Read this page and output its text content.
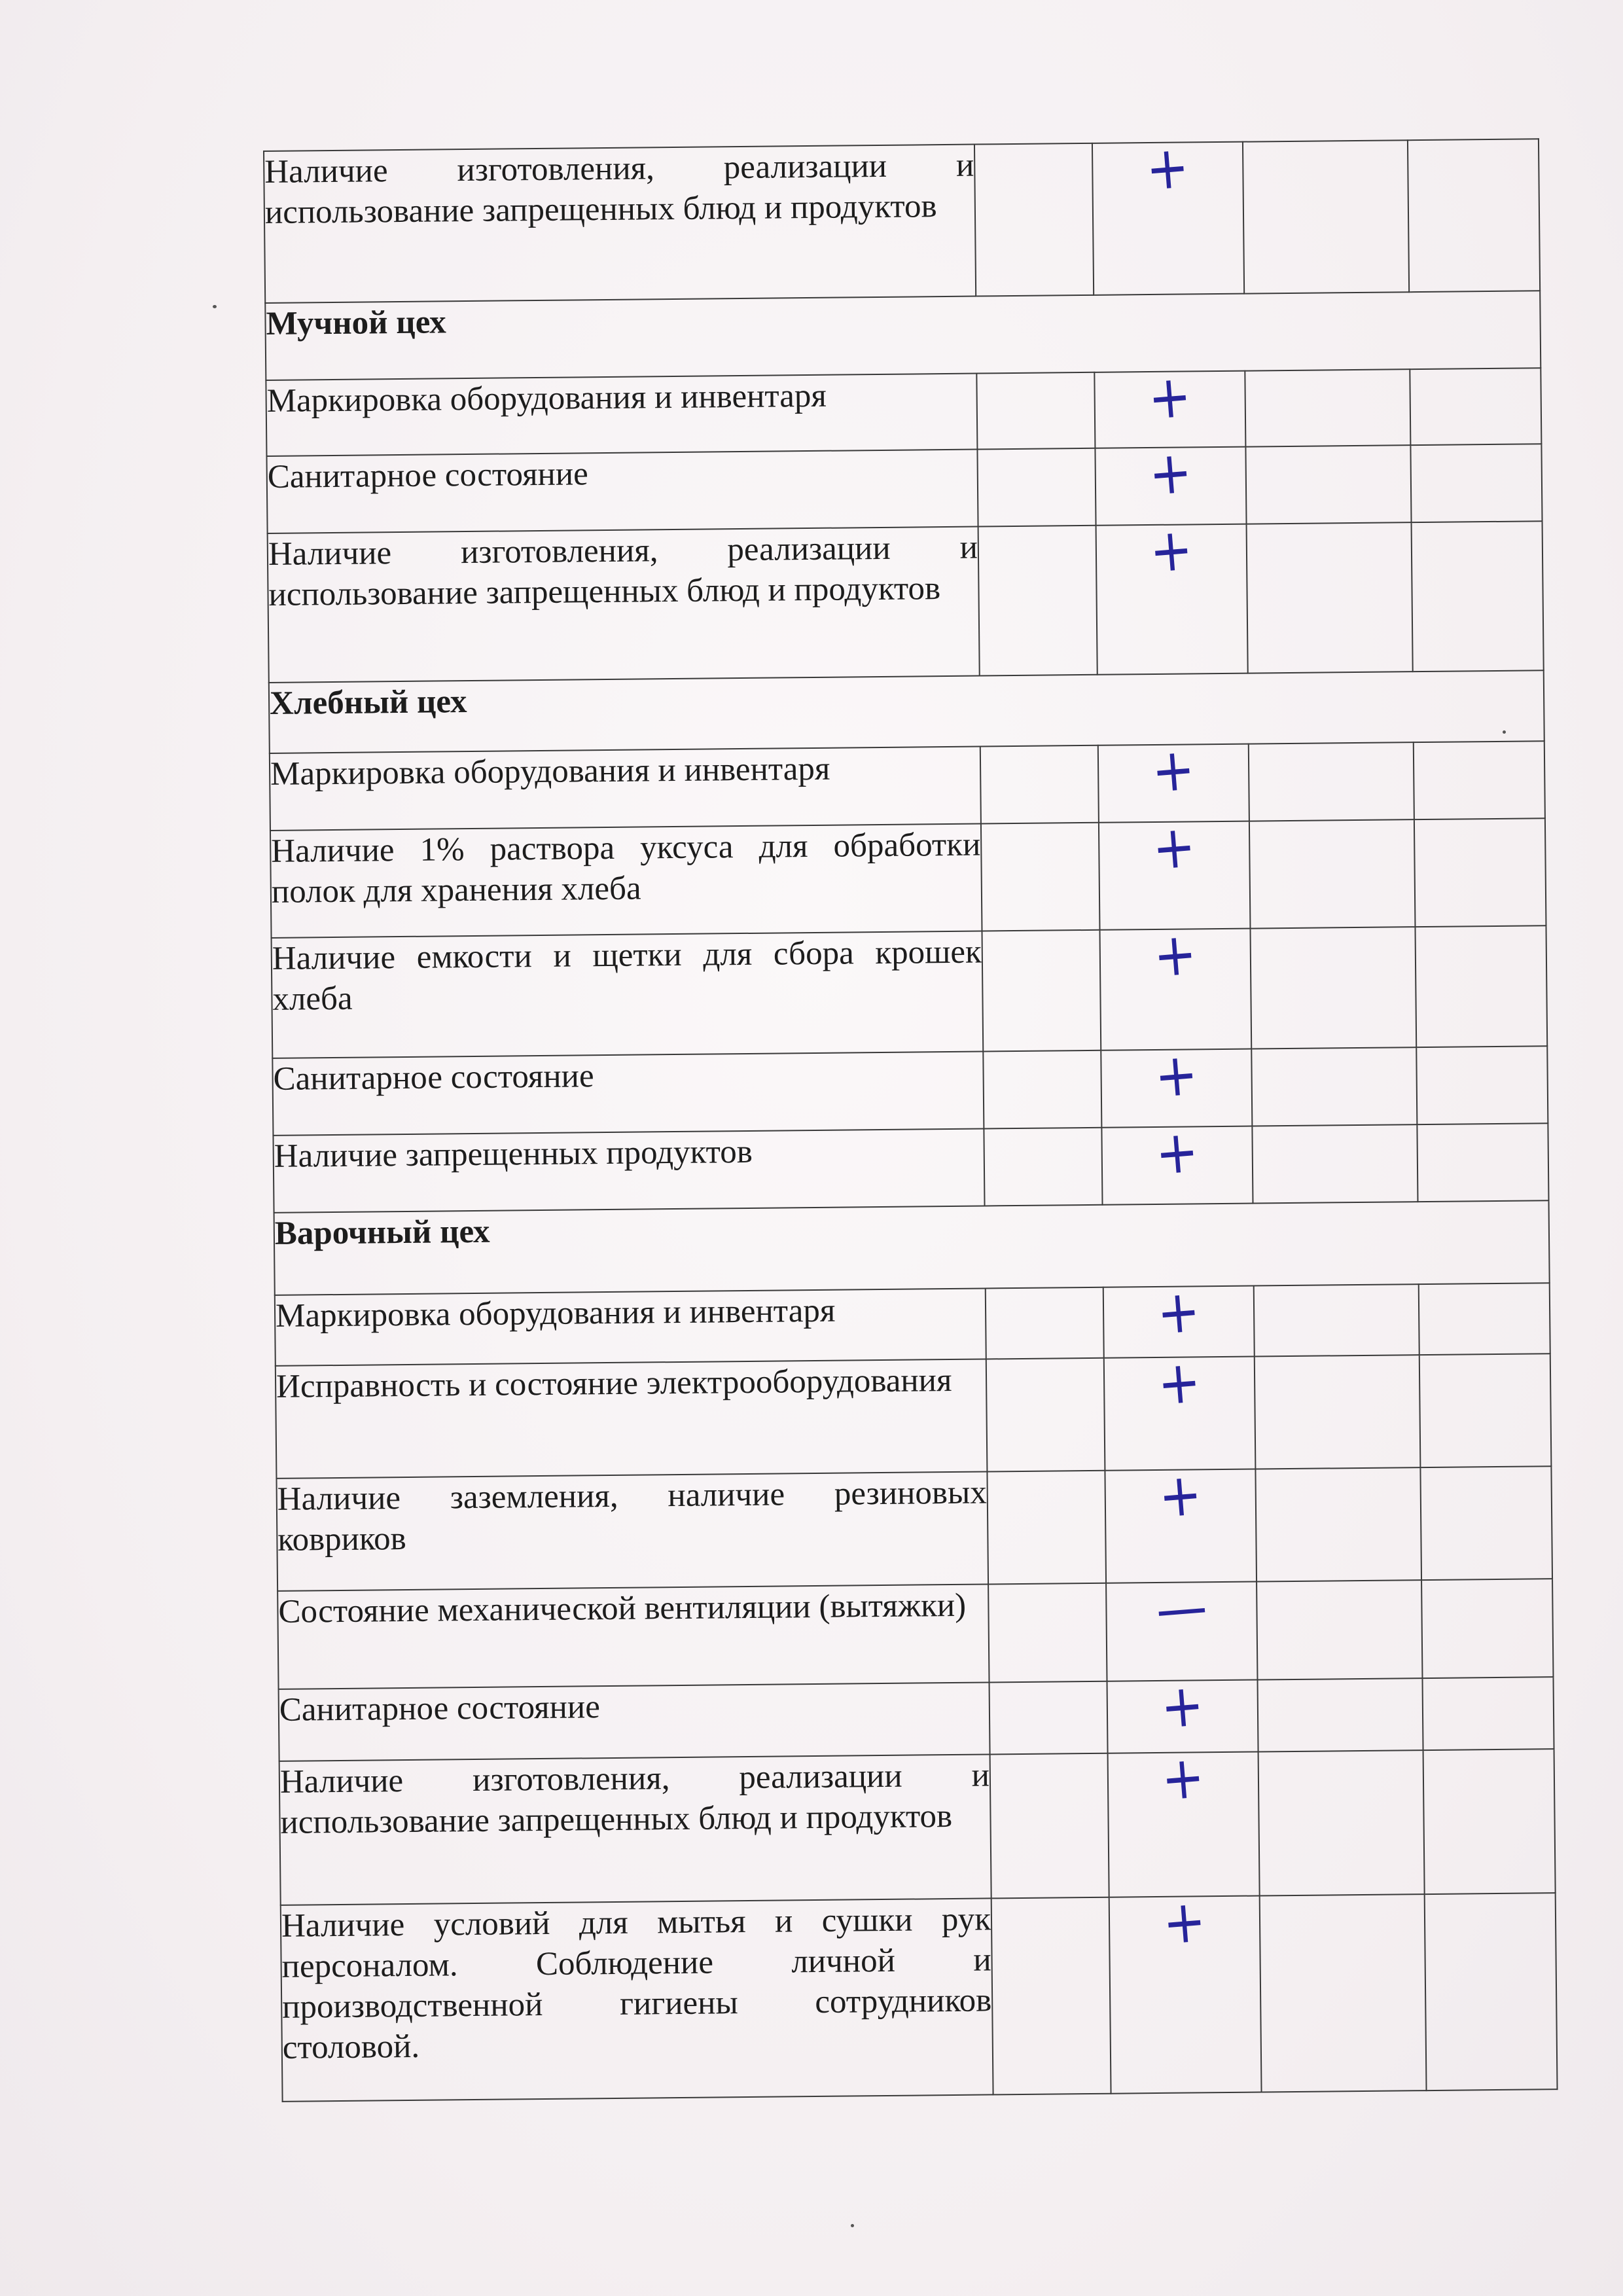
Наличие изготовления, реализации и использование запрещенных блюд и продуктов		+		
Мучной цех				
Маркировка оборудования и инвентаря		+		
Санитарное состояние		+		
Наличие изготовления, реализации и использование запрещенных блюд и продуктов		+		
Хлебный цех				
Маркировка оборудования и инвентаря		+		
Наличие 1% раствора уксуса для обработки полок для хранения хлеба		+		
Наличие емкости и щетки для сбора крошек хлеба		+		
Санитарное состояние		+		
Наличие запрещенных продуктов		+		
Варочный цех				
Маркировка оборудования и инвентаря		+		
Исправность и состояние электрооборудования		+		
Наличие заземления, наличие резиновых ковриков		+		
Состояние механической вентиляции (вытяжки)		—		
Санитарное состояние		+		
Наличие изготовления, реализации и использование запрещенных блюд и продуктов		+		
Наличие условий для мытья и сушки рук персоналом. Соблюдение личной и производственной гигиены сотрудников столовой.		+		
